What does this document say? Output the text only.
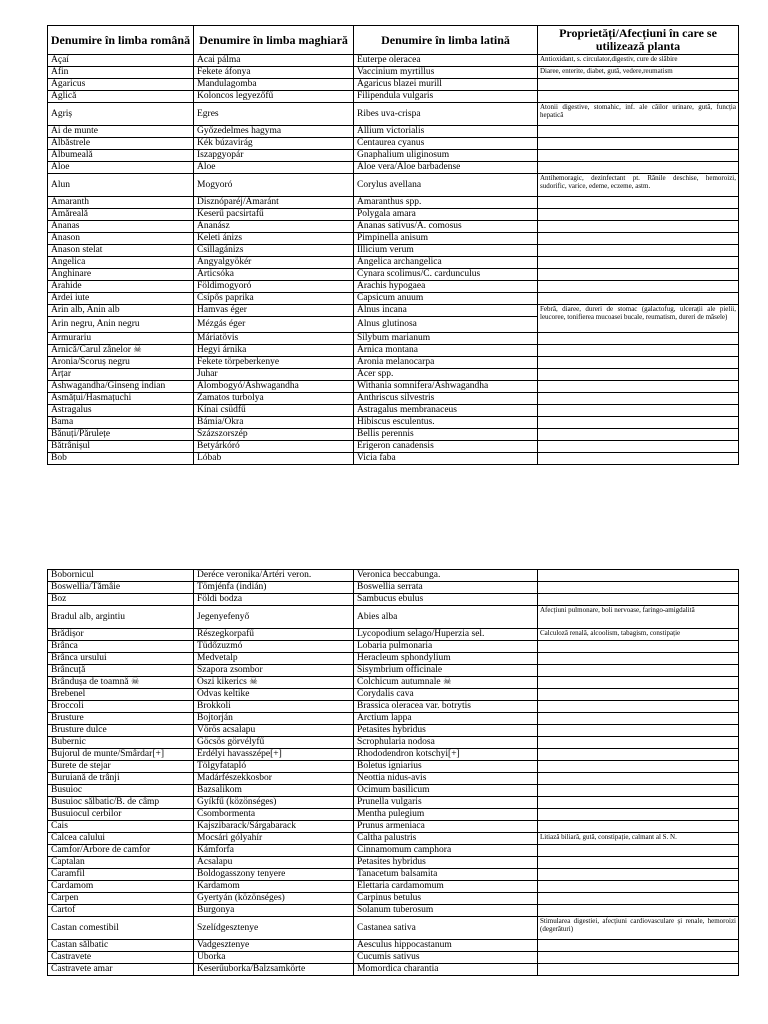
Denumire în limba română	Denumire în limba maghiară	Denumire în limba latină	Proprietăți/Afecțiuni în care se utilizează planta
Açaí	Acai pálma	Euterpe oleracea	Antioxidant, s. circulator,digestiv, cure de slăbire
Afin	Fekete áfonya	Vaccinium myrtillus	Diaree, enterite, diabet, gută, vedere,reumatism
Agaricus	Mandulagomba	Agaricus blazei murill	
Aglică	Koloncos legyezőfű	Filipendula vulgaris	
Agriș	Egres	Ribes uva-crispa	Atonii digestive, stomahic, inf. ale căilor urinare, gută, funcția hepatică
Ai de munte	Győzedelmes hagyma	Allium victorialis	
Albăstrele	Kék búzavirág	Centaurea cyanus	
Albumeală	Iszapgyopár	Gnaphalium uliginosum	
Aloe	Aloe	Aloe vera/Aloe barbadense	
Alun	Mogyoró	Corylus avellana	Antihemoragic, dezinfectant pt. Rănile deschise, hemoroizi, sudorific, varice, edeme, eczeme, astm.
Amaranth	Disznóparéj/Amaránt	Amaranthus spp.	
Amăreală	Keserű pacsirtafű	Polygala amara	
Ananas	Ananász	Ananas sativus/A. comosus	
Anason	Keleti ánizs	Pimpinella anisum	
Anason stelat	Csillagánizs	Illicium verum	
Angelica	Angyalgyökér	Angelica archangelica	
Anghinare	Articsóka	Cynara scolimus/C. cardunculus	
Arahide	Földimogyoró	Arachis hypogaea	
Ardei iute	Csípős paprika	Capsicum anuum	
Arin alb, Anin alb	Hamvas éger	Alnus incana	Febră, diaree, dureri de stomac (galactofug, ulcerații ale pielii, leucoree, tonifierea mucoasei bucale, reumatism, dureri de măsele)
Arin negru, Anin negru	Mézgás éger	Alnus glutinosa	
Armurariu	Máriatövis	Silybum marianum	
Arnică/Carul zânelor ☠	Hegyi árnika	Arnica montana	
Aronia/Scoruș negru	Fekete törpeberkenye	Aronia melanocarpa	
Arțar	Juhar	Acer spp.	
Ashwagandha/Ginseng indian	Alombogyó/Ashwagandha	Withania somnifera/Ashwagandha	
Asmățui/Hasmațuchi	Zamatos turbolya	Anthriscus silvestris	
Astragalus	Kínai csüdfű	Astragalus membranaceus	
Bama	Bámia/Okra	Hibiscus esculentus.	
Bănuți/Părulețe	Százszorszép	Bellis perennis	
Bătrânișul	Betyárkóró	Erigeron canadensis	
Bob	Lóbab	Vicia faba	
Bobornicul	Deréce veronika/Ártéri veron.	Veronica beccabunga.	
Boswellia/Tămâie	Tömjénfa (indián)	Boswellia serrata	
Boz	Földi bodza	Sambucus ebulus	
Bradul alb, argintiu	Jegenyefenyő	Abies alba	Afecțiuni pulmonare, boli nervoase, faringo-amigdalită
Brădișor	Részegkorpafű	Lycopodium selago/Huperzia sel.	Calculoză renală, alcoolism, tabagism, constipație
Brânca	Tüdőzuzmó	Lobaria pulmonaria	
Brânca ursului	Medvetalp	Heracleum sphondylium	
Brâncuță	Szapora zsombor	Sisymbrium officinale	
Brândușa de toamnă ☠	Őszi kikerics ☠	Colchicum autumnale ☠	
Brebenel	Odvas keltike	Corydalis cava	
Broccoli	Brokkoli	Brassica oleracea var. botrytis	
Brusture	Bojtorján	Arctium lappa	
Brusture dulce	Vörös acsalapu	Petasites hybridus	
Bubernic	Göcsös görvélyfű	Scrophularia nodosa	
Bujorul de munte/Smârdar[+]	Erdélyi havasszépe[+]	Rhododendron kotschyi[+]	
Burete de stejar	Tölgyfatapló	Boletus igniarius	
Buruiană de trânji	Madárfészekkosbor	Neottia nidus-avis	
Busuioc	Bazsalikom	Ocimum basilicum	
Busuioc sălbatic/B. de câmp	Gyíkfű (közönséges)	Prunella vulgaris	
Busuiocul cerbilor	Csombormenta	Mentha pulegium	
Cais	Kajszibarack/Sárgabarack	Prunus armeniaca	
Calcea calului	Mocsári gólyahír	Caltha palustris	Litiază biliară, gută, constipație, calmant al S. N.
Camfor/Arbore de camfor	Kámforfa	Cinnamomum camphora	
Captalan	Acsalapu	Petasites hybridus	
Caramfil	Boldogasszony tenyere	Tanacetum balsamita	
Cardamom	Kardamom	Elettaria cardamomum	
Carpen	Gyertyán (közönséges)	Carpinus betulus	
Cartof	Burgonya	Solanum tuberosum	
Castan comestibil	Szelídgesztenye	Castanea sativa	Stimularea digestiei, afecțiuni cardiovasculare și renale, hemoroizi (degerături)
Castan sălbatic	Vadgesztenye	Aesculus hippocastanum	
Castravete	Uborka	Cucumis sativus	
Castravete amar	Keserűuborka/Balzsamkörte	Momordica charantia	
